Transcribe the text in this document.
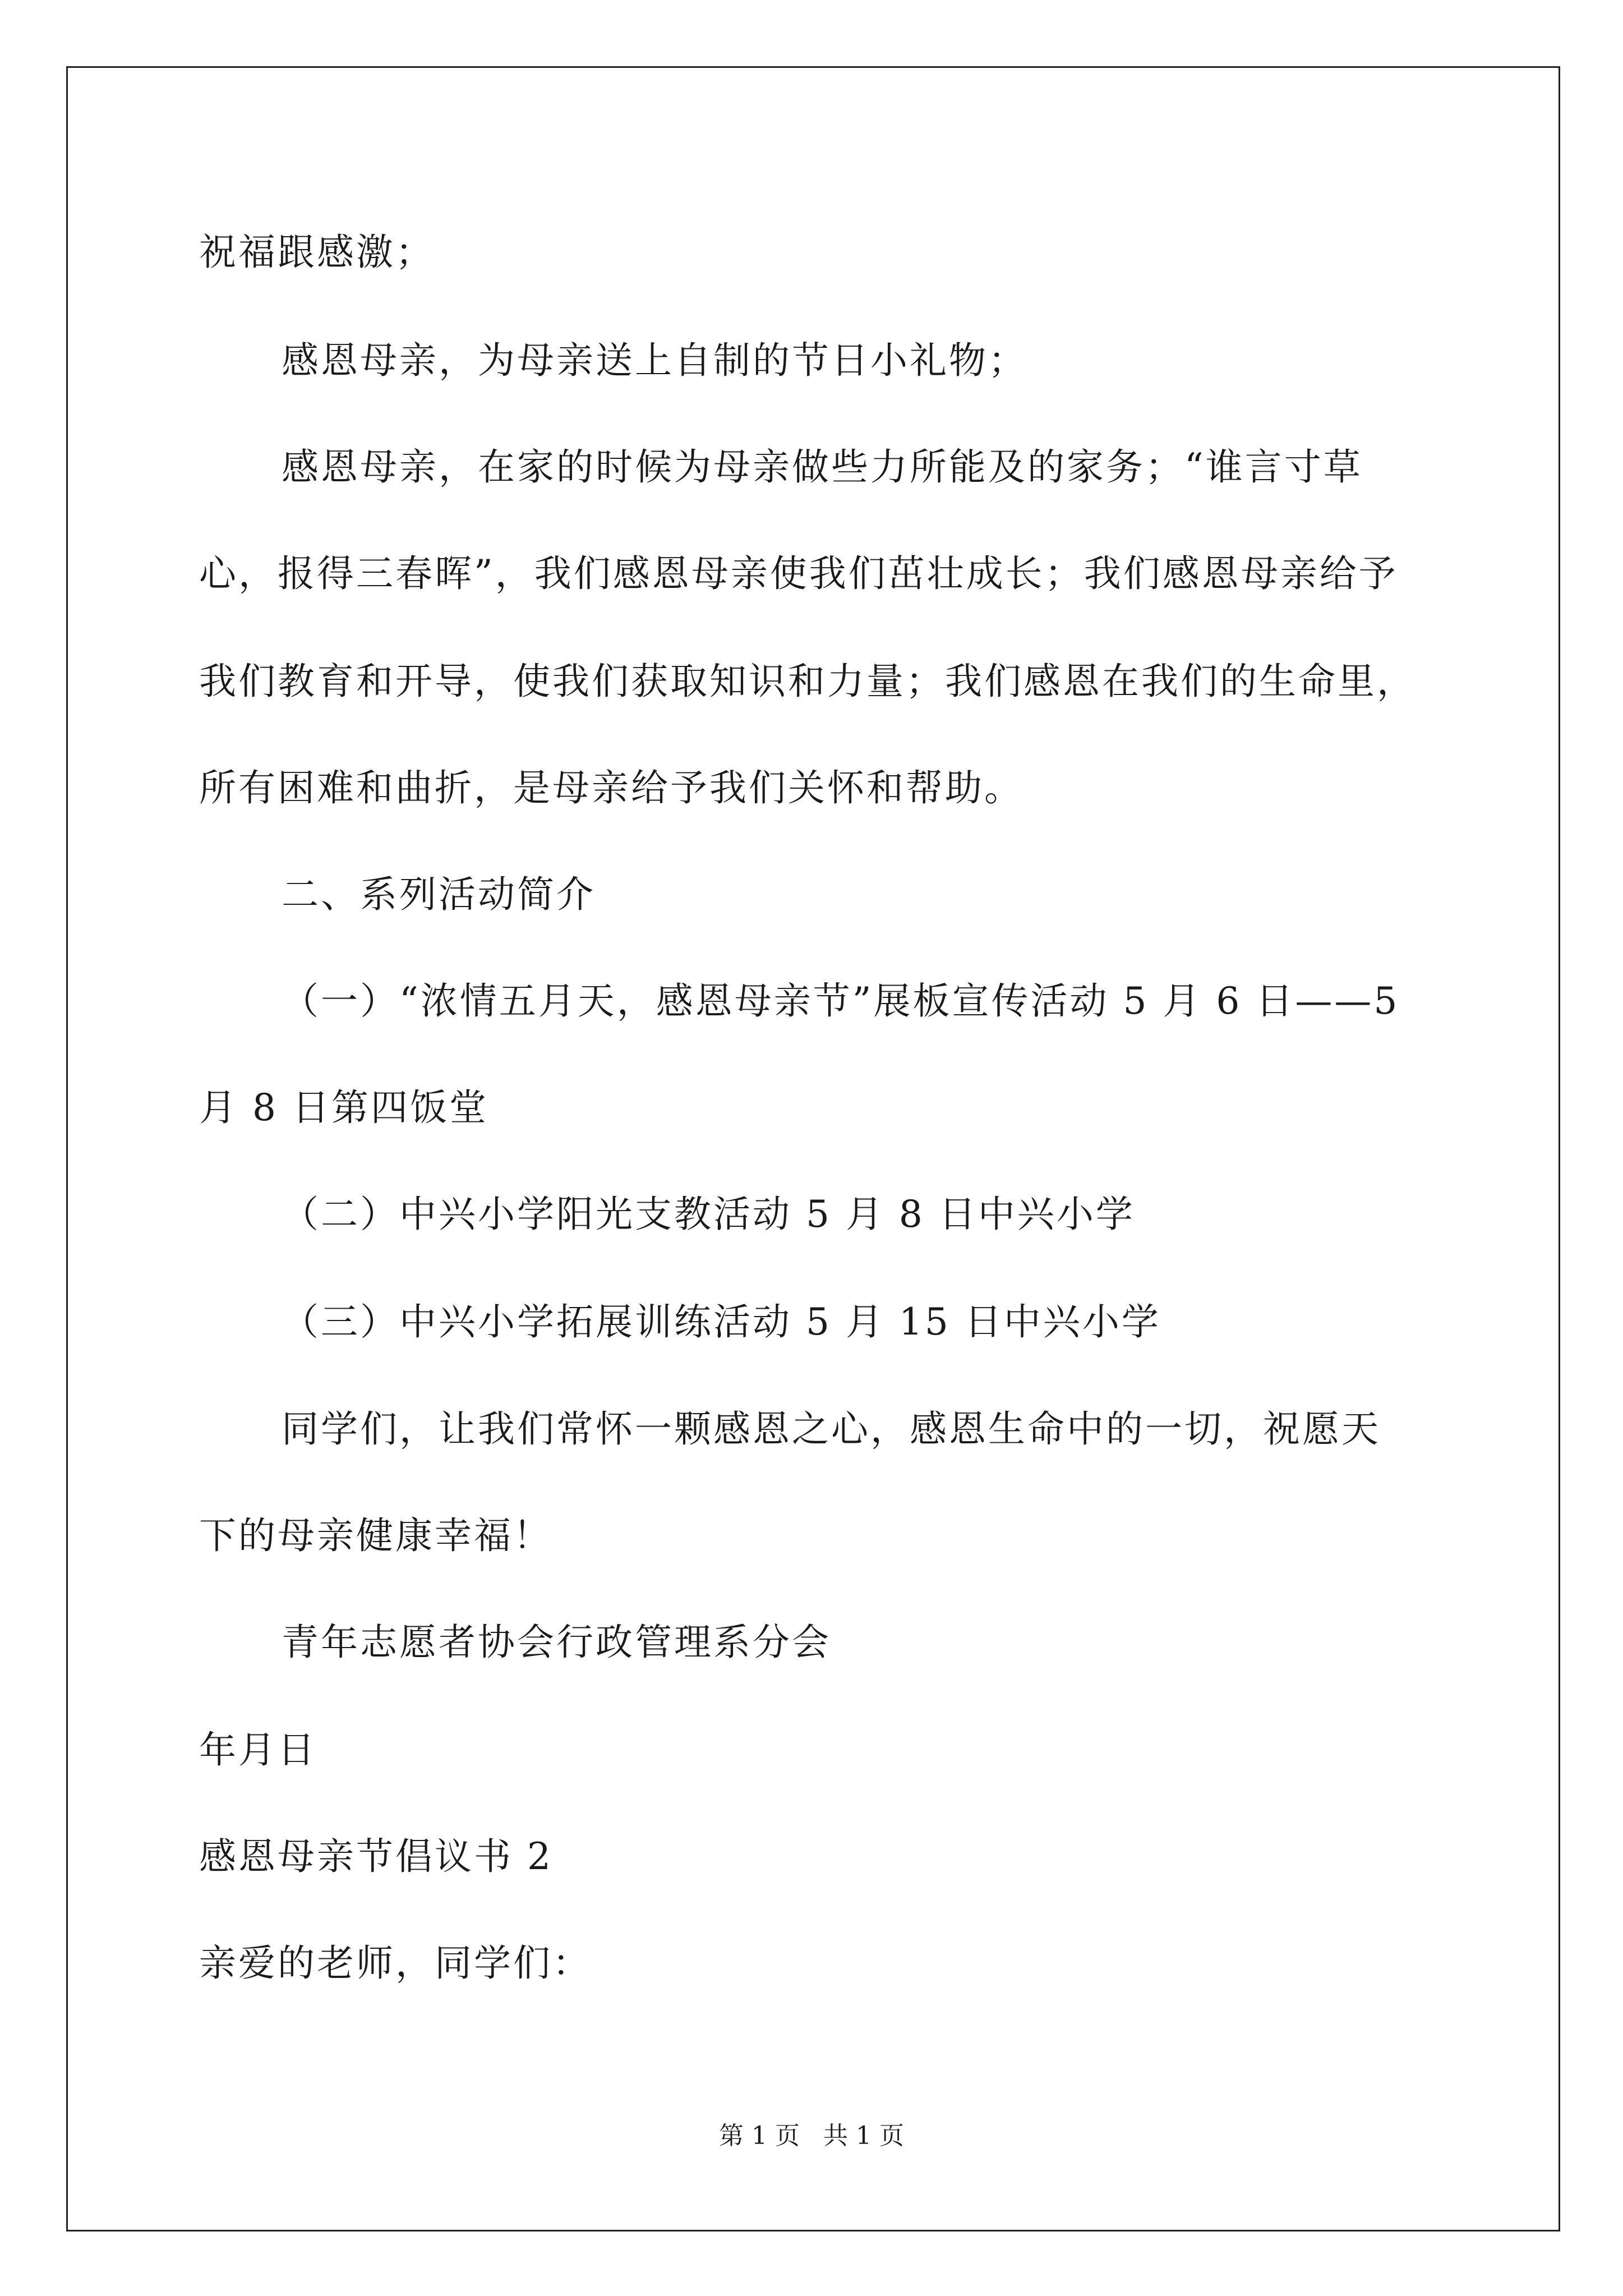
祝福跟感激；
感恩母亲，为母亲送上自制的节日小礼物；
感恩母亲，在家的时候为母亲做些力所能及的家务；“谁言寸草
心，报得三春晖”，我们感恩母亲使我们茁壮成长；我们感恩母亲给予
我们教育和开导，使我们获取知识和力量；我们感恩在我们的生命里，
所有困难和曲折，是母亲给予我们关怀和帮助。
二、系列活动简介
（一）“浓情五月天，感恩母亲节”展板宣传活动 5 月 6 日——5
月 8 日第四饭堂
（二）中兴小学阳光支教活动 5 月 8 日中兴小学
（三）中兴小学拓展训练活动 5 月 15 日中兴小学
同学们，让我们常怀一颗感恩之心，感恩生命中的一切，祝愿天
下的母亲健康幸福！
青年志愿者协会行政管理系分会
年月日
感恩母亲节倡议书 2
亲爱的老师，同学们：
第 1 页   共 1 页
